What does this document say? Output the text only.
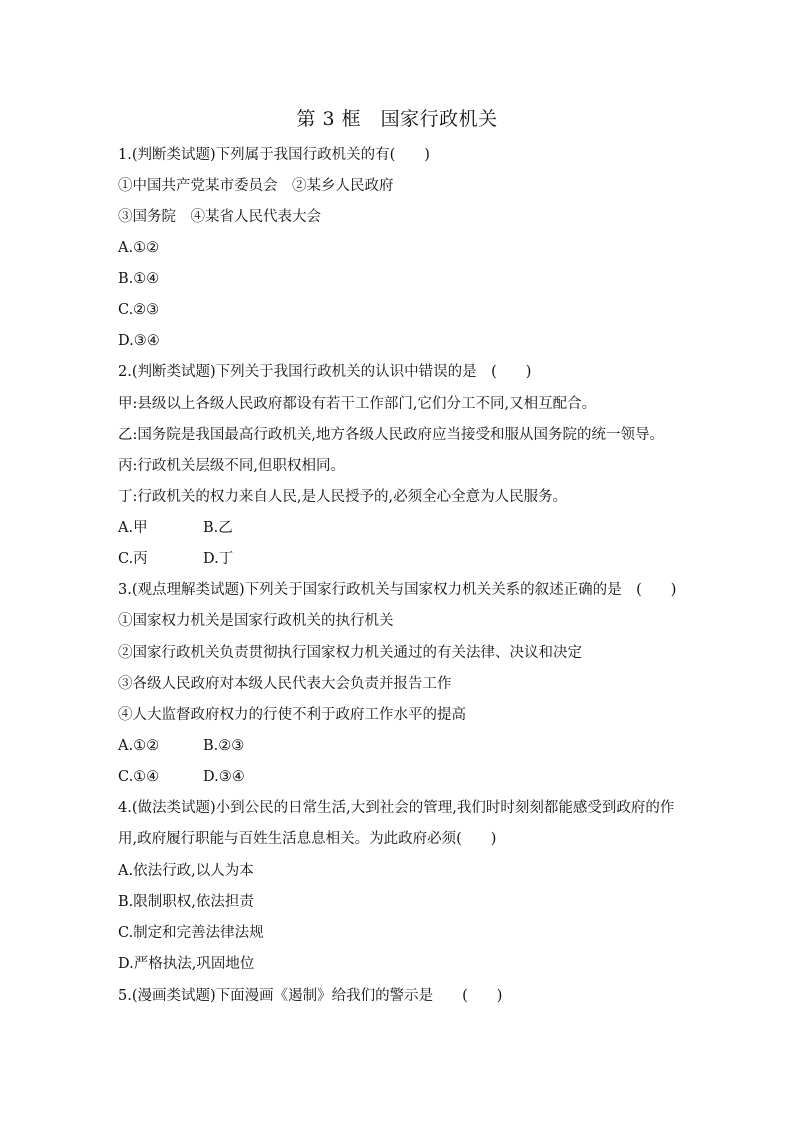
第 3 框　国家行政机关
1.(判断类试题)下列属于我国行政机关的有(　　)
①中国共产党某市委员会　②某乡人民政府
③国务院　④某省人民代表大会
A.①②
B.①④
C.②③
D.③④
2.(判断类试题)下列关于我国行政机关的认识中错误的是　(　　)
甲:县级以上各级人民政府都设有若干工作部门,它们分工不同,又相互配合。
乙:国务院是我国最高行政机关,地方各级人民政府应当接受和服从国务院的统一领导。
丙:行政机关层级不同,但职权相同。
丁:行政机关的权力来自人民,是人民授予的,必须全心全意为人民服务。
A.甲	B.乙
C.丙	D.丁
3.(观点理解类试题)下列关于国家行政机关与国家权力机关关系的叙述正确的是　(　　)
①国家权力机关是国家行政机关的执行机关
②国家行政机关负责贯彻执行国家权力机关通过的有关法律、决议和决定
③各级人民政府对本级人民代表大会负责并报告工作
④人大监督政府权力的行使不利于政府工作水平的提高
A.①②	B.②③
C.①④	D.③④
4.(做法类试题)小到公民的日常生活,大到社会的管理,我们时时刻刻都能感受到政府的作
用,政府履行职能与百姓生活息息相关。为此政府必须(　　)
A.依法行政,以人为本
B.限制职权,依法担责
C.制定和完善法律法规
D.严格执法,巩固地位
5.(漫画类试题)下面漫画《遏制》给我们的警示是　　(　　)
